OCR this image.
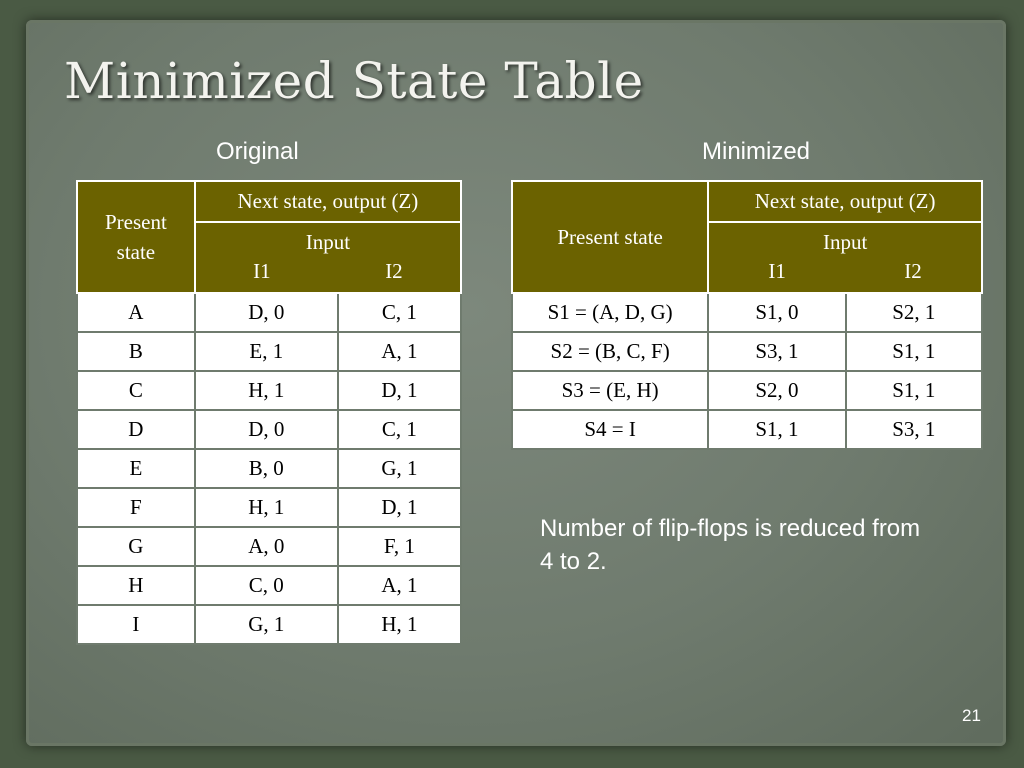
Minimized State Table
Original	Minimized
Present state	Next state, output (Z)	

	Input
I1 I2	

A	D, 0	C, 1
B	E, 1	A, 1
C	H, 1	D, 1
D	D, 0	C, 1
E	B, 0	G, 1
F	H, 1	D, 1
G	A, 0	F, 1
H	C, 0	A, 1
I	G, 1	H, 1
Present state	Next state, output (Z)	

	Input
I1 I2	

S1 = (A, D, G)	S1, 0	S2, 1
S2 = (B, C, F)	S3, 1	S1, 1
S3 = (E, H)	S2, 0	S1, 1
S4 = I	S1, 1	S3, 1
Number of flip-flops is reduced from 4 to 2.
21
